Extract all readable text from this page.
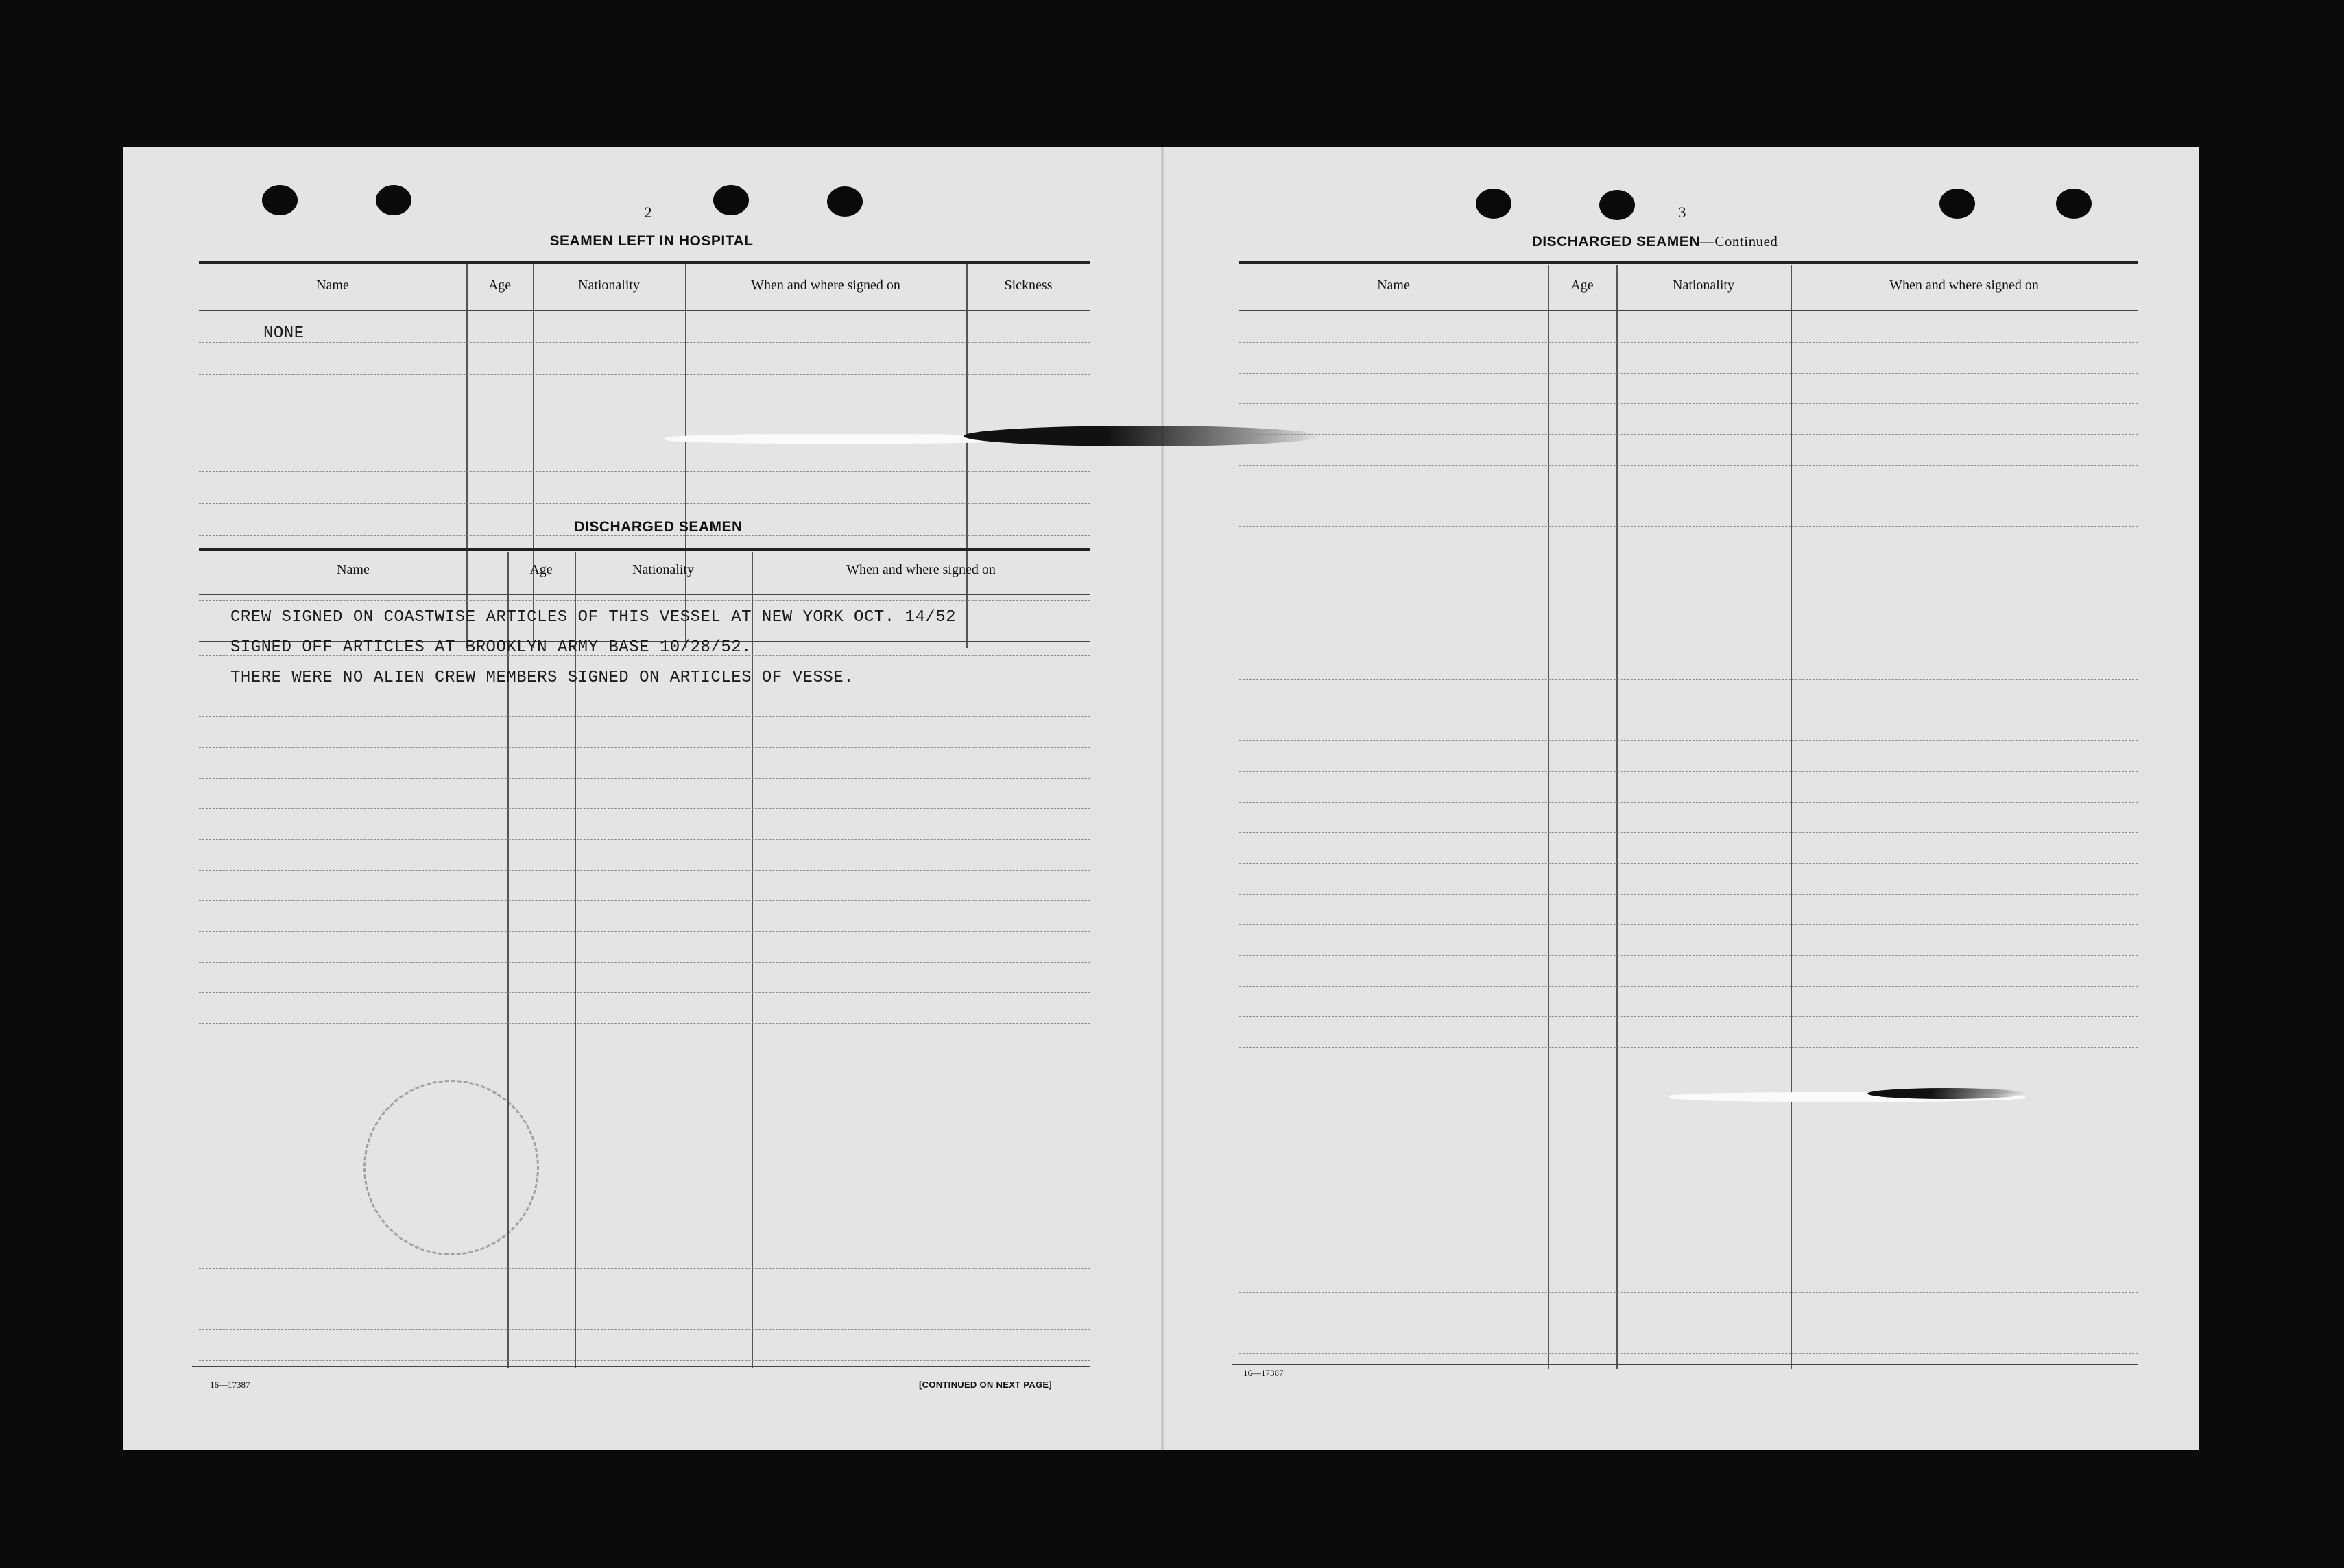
2
SEAMEN LEFT IN HOSPITAL
Name	Age	Nationality	When and where signed on	Sickness
NONE
DISCHARGED SEAMEN
Name	Age	Nationality	When and where signed on
CREW SIGNED ON COASTWISE ARTICLES OF THIS VESSEL AT NEW YORK OCT. 14/52
SIGNED OFF ARTICLES AT BROOKLYN ARMY BASE 10/28/52.
THERE WERE NO ALIEN CREW MEMBERS SIGNED ON ARTICLES OF VESSE.
16—17387	[CONTINUED ON NEXT PAGE]
3
DISCHARGED SEAMEN—Continued
Name	Age	Nationality	When and where signed on
16—17387
